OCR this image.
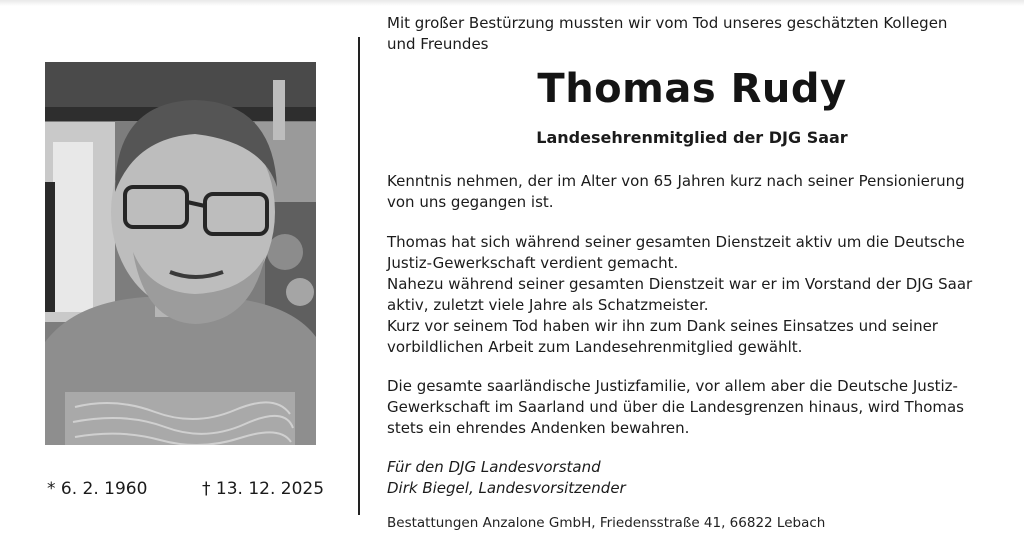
* 6. 2. 1960	† 13. 12. 2025
Mit großer Bestürzung mussten wir vom Tod unseres geschätzten Kollegen
und Freundes
Thomas Rudy
Landesehrenmitglied der DJG Saar
Kenntnis nehmen, der im Alter von 65 Jahren kurz nach seiner Pensionierung
von uns gegangen ist.
Thomas hat sich während seiner gesamten Dienstzeit aktiv um die Deutsche
Justiz-Gewerkschaft verdient gemacht.
Nahezu während seiner gesamten Dienstzeit war er im Vorstand der DJG Saar
aktiv, zuletzt viele Jahre als Schatzmeister.
Kurz vor seinem Tod haben wir ihn zum Dank seines Einsatzes und seiner
vorbildlichen Arbeit zum Landesehrenmitglied gewählt.
Die gesamte saarländische Justizfamilie, vor allem aber die Deutsche Justiz-
Gewerkschaft im Saarland und über die Landesgrenzen hinaus, wird Thomas
stets ein ehrendes Andenken bewahren.
Für den DJG Landesvorstand
Dirk Biegel, Landesvorsitzender
Bestattungen Anzalone GmbH, Friedensstraße 41, 66822 Lebach
